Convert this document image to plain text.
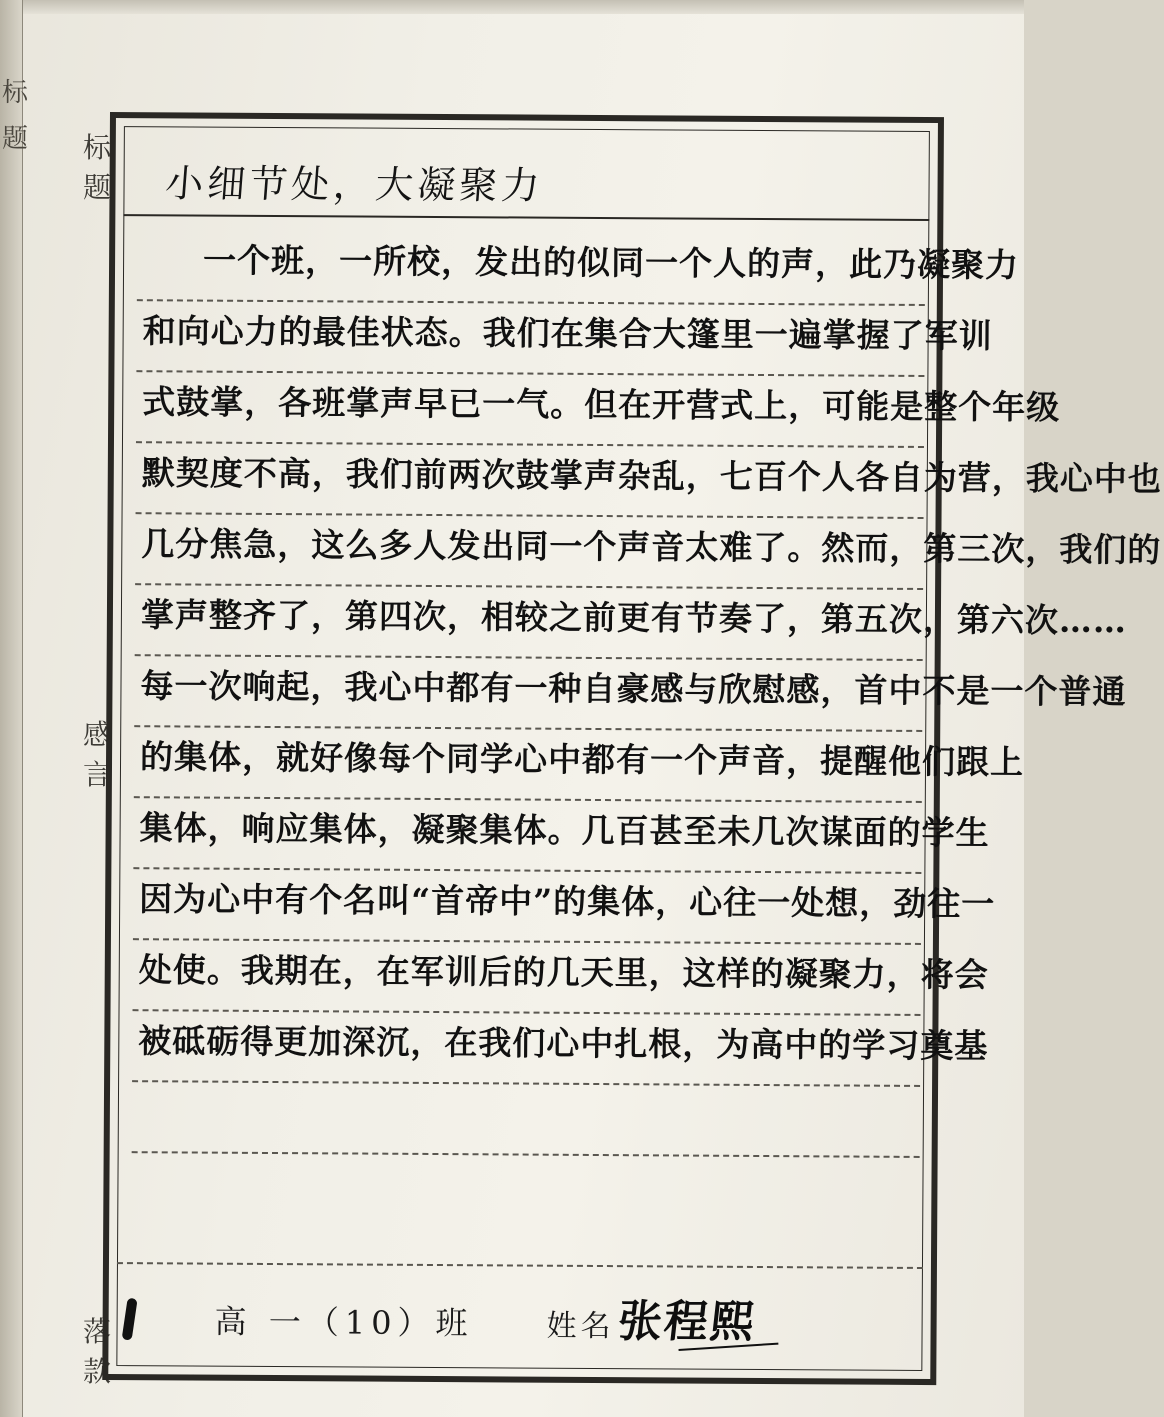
标
题	标
题
感
言
落
款
小细节处，大凝聚力
一个班，一所校，发出的似同一个人的声，此乃凝聚力
和向心力的最佳状态。我们在集合大篷里一遍掌握了军训
式鼓掌，各班掌声早已一气。但在开营式上，可能是整个年级
默契度不高，我们前两次鼓掌声杂乱，七百个人各自为营，我心中也
几分焦急，这么多人发出同一个声音太难了。然而，第三次，我们的
掌声整齐了，第四次，相较之前更有节奏了，第五次，第六次……
每一次响起，我心中都有一种自豪感与欣慰感，首中不是一个普通
的集体，就好像每个同学心中都有一个声音，提醒他们跟上
集体，响应集体，凝聚集体。几百甚至未几次谋面的学生
因为心中有个名叫“首帝中”的集体，心往一处想，劲往一
处使。我期在，在军训后的几天里，这样的凝聚力，将会
被砥砺得更加深沉，在我们心中扎根，为高中的学习奠基
高 一（10）班 姓名 张程熙
